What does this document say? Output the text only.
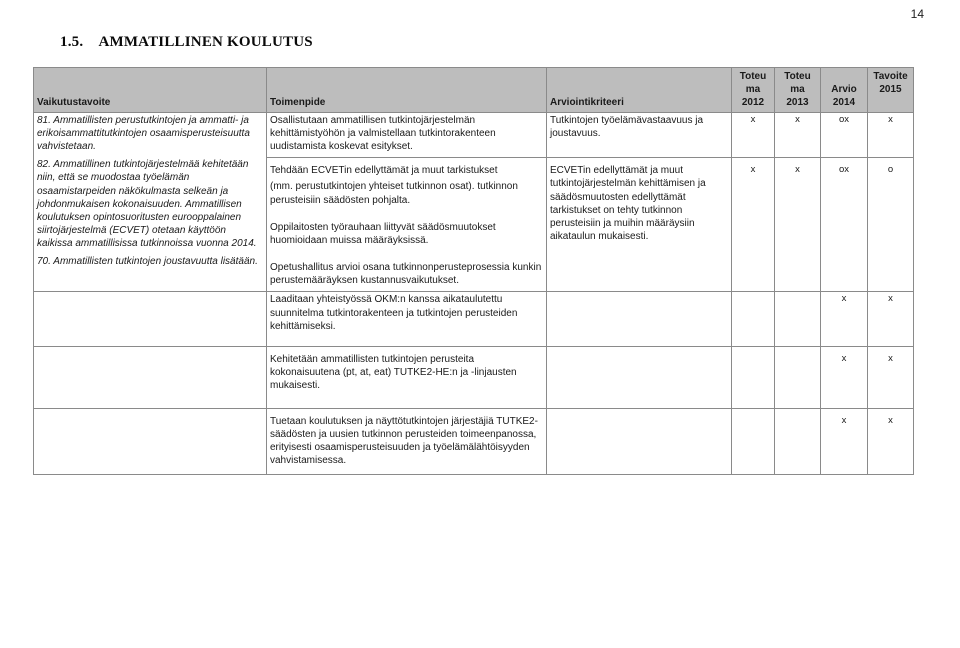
14
1.5. AMMATILLINEN KOULUTUS
Vaikutustavoite	Toimenpide	Arviointikriteeri	Toteu
ma
2012	Toteu
ma
2013	Arvio
2014	Tavoite
2015

81. Ammatillisten perustutkintojen ja ammatti- ja erikoisammattitutkintojen osaamisperusteisuutta vahvistetaan.
82. Ammatillinen tutkintojärjestelmää kehitetään niin, että se muodostaa työelämän osaamistarpeiden näkökulmasta selkeän ja johdonmukaisen kokonaisuuden. Ammatillisen koulutuksen opintosuoritusten eurooppalainen siirtojärjestelmä (ECVET) otetaan käyttöön kaikissa ammatillisissa tutkinnoissa vuonna 2014.
70. Ammatillisten tutkintojen joustavuutta lisätään.	Osallistutaan ammatillisen tutkintojärjestelmän kehittämistyöhön ja valmistellaan tutkintorakenteen uudistamista koskevat esitykset.	Tutkintojen työelämävastaavuus ja joustavuus.	x	x	ox	x

	Tehdään ECVETin edellyttämät ja muut tarkistukset
(mm. perustutkintojen yhteiset tutkinnon osat). tutkinnon perusteisiin säädösten pohjalta.
Oppilaitosten työrauhaan liittyvät säädösmuutokset huomioidaan muissa määräyksissä.
Opetushallitus arvioi osana tutkinnonperusteprosessia kunkin perustemääräyksen kustannusvaikutukset.	ECVETin edellyttämät ja muut tutkintojärjestelmän kehittämisen ja säädösmuutosten edellyttämät tarkistukset on tehty tutkinnon perusteisiin ja muihin määräysiin aikataulun mukaisesti.	x	x	ox	o

	Laaditaan yhteistyössä OKM:n kanssa aikataulutettu suunnitelma tutkintorakenteen ja tutkintojen perusteiden kehittämiseksi.				x	x

	Kehitetään ammatillisten tutkintojen perusteita kokonaisuutena (pt, at, eat) TUTKE2-HE:n ja -linjausten mukaisesti.				x	x

	Tuetaan koulutuksen ja näyttötutkintojen järjestäjiä TUTKE2-säädösten ja uusien tutkinnon perusteiden toimeenpanossa, erityisesti osaamisperusteisuuden ja työelämälähtöisyyden vahvistamisessa.				x	x
